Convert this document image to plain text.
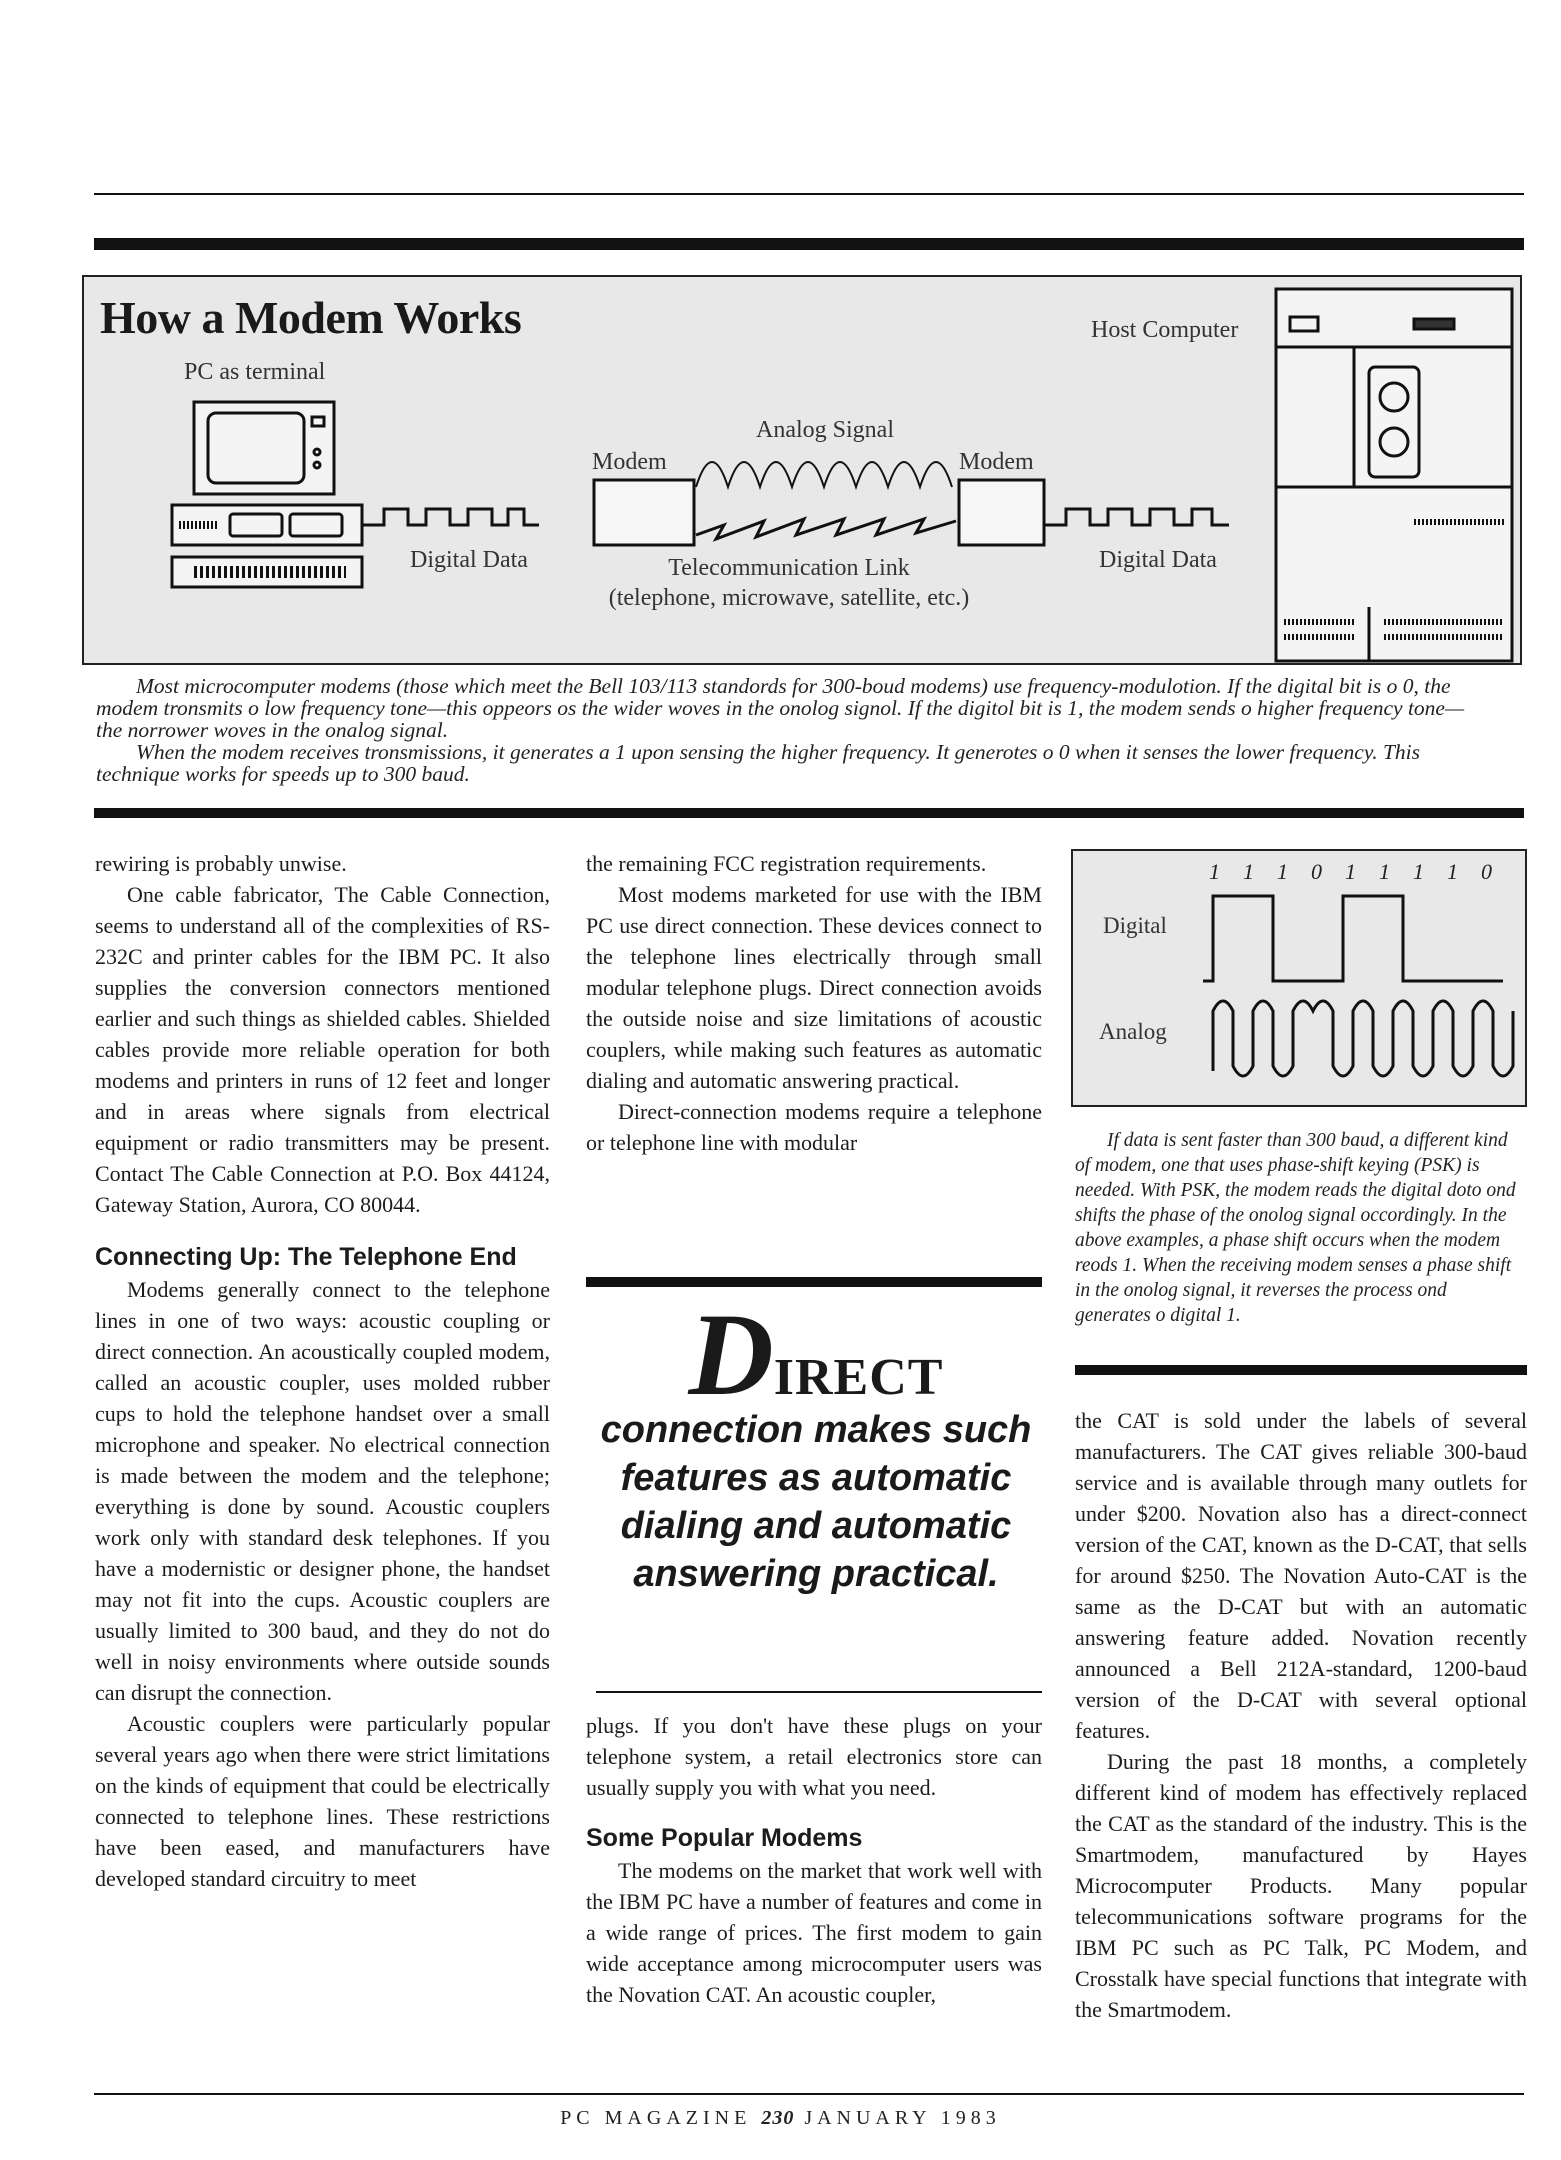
How a Modem Works
PC as terminal
Host Computer
Modem	Modem
Analog Signal
Digital Data	Digital Data
Telecommunication Link
(telephone, microwave, satellite, etc.)

Most microcomputer modems (those which meet the Bell 103/113 standords for 300-boud modems) use frequency-modulotion. If the digital bit is o 0, the modem tronsmits o low frequency tone—this oppeors os the wider woves in the onolog signol. If the digitol bit is 1, the modem sends o higher frequency tone—the norrower woves in the onalog signal.

When the modem receives tronsmissions, it generates a 1 upon sensing the higher frequency. It generotes o 0 when it senses the lower frequency. This technique works for speeds up to 300 baud.

rewiring is probably unwise.

One cable fabricator, The Cable Connection, seems to understand all of the complexities of RS-232C and printer cables for the IBM PC. It also supplies the conversion connectors mentioned earlier and such things as shielded cables. Shielded cables provide more reliable operation for both modems and printers in runs of 12 feet and longer and in areas where signals from electrical equipment or radio transmitters may be present. Contact The Cable Connection at P.O. Box 44124, Gateway Station, Aurora, CO 80044.

Connecting Up: The Telephone End

Modems generally connect to the telephone lines in one of two ways: acoustic coupling or direct connection. An acoustically coupled modem, called an acoustic coupler, uses molded rubber cups to hold the telephone handset over a small microphone and speaker. No electrical connection is made between the modem and the telephone; everything is done by sound. Acoustic couplers work only with standard desk telephones. If you have a modernistic or designer phone, the handset may not fit into the cups. Acoustic couplers are usually limited to 300 baud, and they do not do well in noisy environments where outside sounds can disrupt the connection.

Acoustic couplers were particularly popular several years ago when there were strict limitations on the kinds of equipment that could be electrically connected to telephone lines. These restrictions have been eased, and manufacturers have developed standard circuitry to meet

the remaining FCC registration requirements.

Most modems marketed for use with the IBM PC use direct connection. These devices connect to the telephone lines electrically through small modular telephone plugs. Direct connection avoids the outside noise and size limitations of acoustic couplers, while making such features as automatic dialing and automatic answering practical.

Direct-connection modems require a telephone or telephone line with modular

DIRECT
connection makes such features as automatic dialing and automatic answering practical.

plugs. If you don't have these plugs on your telephone system, a retail electronics store can usually supply you with what you need.

Some Popular Modems

The modems on the market that work well with the IBM PC have a number of features and come in a wide range of prices. The first modem to gain wide acceptance among microcomputer users was the Novation CAT. An acoustic coupler,

1 1 1 0 1 1 1 1 0
Digital
Analog

If data is sent faster than 300 baud, a different kind of modem, one that uses phase-shift keying (PSK) is needed. With PSK, the modem reads the digital doto ond shifts the phase of the onolog signal occordingly. In the above examples, a phase shift occurs when the modem reods 1. When the receiving modem senses a phase shift in the onolog signal, it reverses the process ond generates o digital 1.

the CAT is sold under the labels of several manufacturers. The CAT gives reliable 300-baud service and is available through many outlets for under $200. Novation also has a direct-connect version of the CAT, known as the D-CAT, that sells for around $250. The Novation Auto-CAT is the same as the D-CAT but with an automatic answering feature added. Novation recently announced a Bell 212A-standard, 1200-baud version of the D-CAT with several optional features.

During the past 18 months, a completely different kind of modem has effectively replaced the CAT as the standard of the industry. This is the Smartmodem, manufactured by Hayes Microcomputer Products. Many popular telecommunications software programs for the IBM PC such as PC Talk, PC Modem, and Crosstalk have special functions that integrate with the Smartmodem.

PC MAGAZINE 230 JANUARY 1983
